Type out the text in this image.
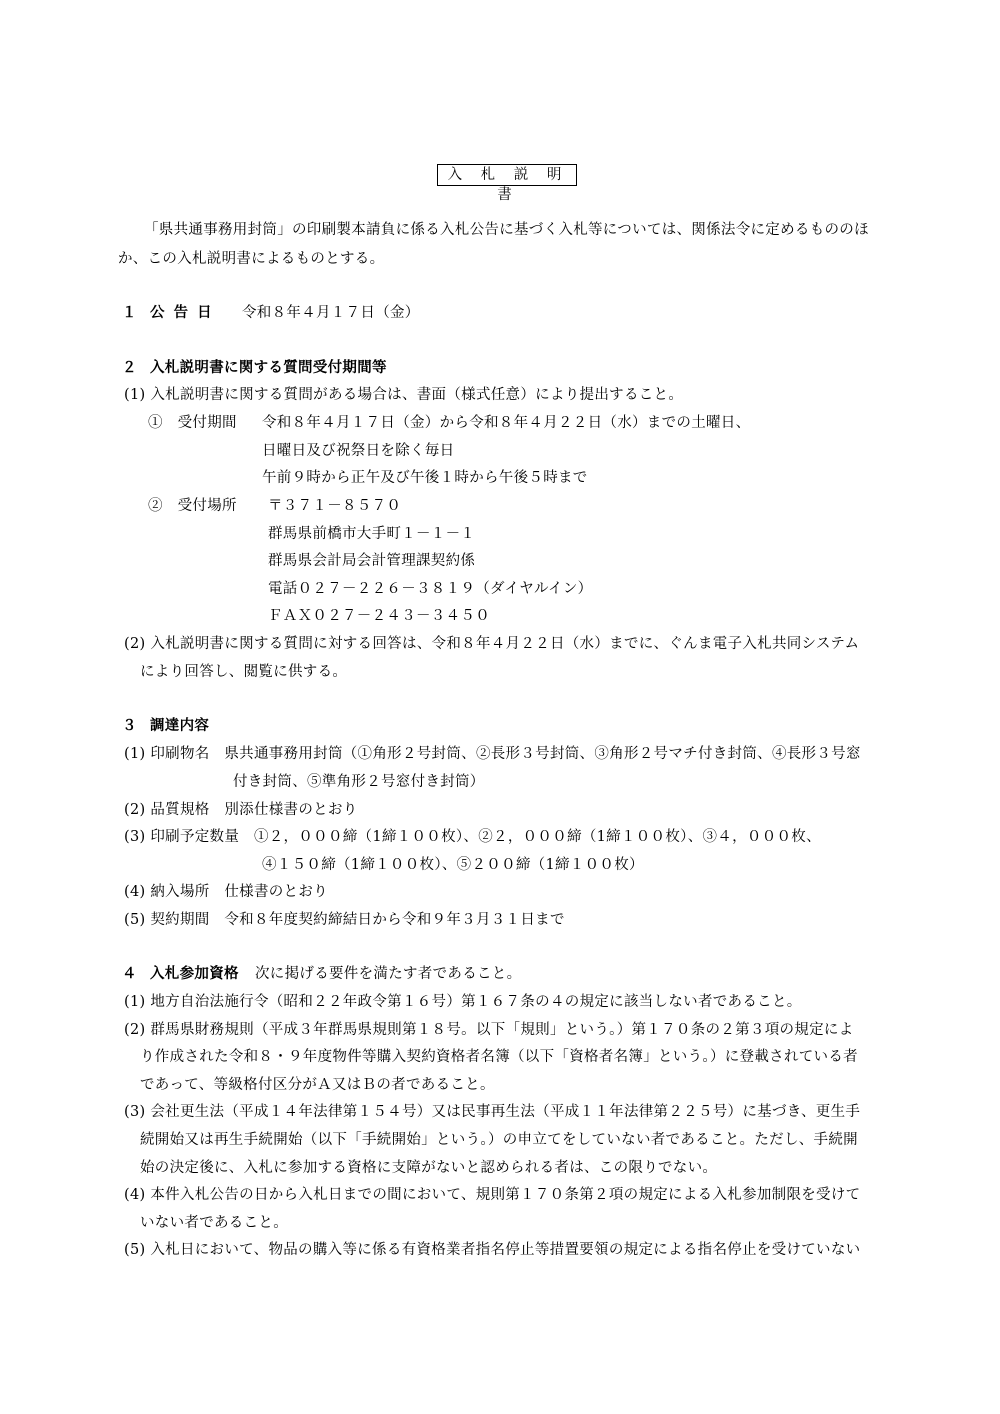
入 札 説 明 書
「県共通事務用封筒」の印刷製本請負に係る入札公告に基づく入札等については、関係法令に定めるもののほ
か、この入札説明書によるものとする。
１ 公 告 日 令和８年４月１７日（金）
２ 入札説明書に関する質問受付期間等
(1) 入札説明書に関する質問がある場合は、書面（様式任意）により提出すること。
①　受付期間 令和８年４月１７日（金）から令和８年４月２２日（水）までの土曜日、
日曜日及び祝祭日を除く毎日
午前９時から正午及び午後１時から午後５時まで
②　受付場所 〒３７１－８５７０
群馬県前橋市大手町１－１－１
群馬県会計局会計管理課契約係
電話０２７－２２６－３８１９（ダイヤルイン）
ＦＡＸ０２７－２４３－３４５０
(2) 入札説明書に関する質問に対する回答は、令和８年４月２２日（水）までに、ぐんま電子入札共同システム
により回答し、閲覧に供する。
３ 調達内容
(1) 印刷物名　県共通事務用封筒（①角形２号封筒、②長形３号封筒、③角形２号マチ付き封筒、④長形３号窓
付き封筒、⑤準角形２号窓付き封筒）
(2) 品質規格　別添仕様書のとおり
(3) 印刷予定数量　①２，０００締（1締１００枚）、②２，０００締（1締１００枚）、③４，０００枚、
④１５０締（1締１００枚）、⑤２００締（1締１００枚）
(4) 納入場所　仕様書のとおり
(5) 契約期間　令和８年度契約締結日から令和９年３月３１日まで
４ 入札参加資格 次に掲げる要件を満たす者であること。
(1) 地方自治法施行令（昭和２２年政令第１６号）第１６７条の４の規定に該当しない者であること。
(2) 群馬県財務規則（平成３年群馬県規則第１８号。以下「規則」という。）第１７０条の２第３項の規定によ
り作成された令和８・９年度物件等購入契約資格者名簿（以下「資格者名簿」という。）に登載されている者
であって、等級格付区分がＡ又はＢの者であること。
(3) 会社更生法（平成１４年法律第１５４号）又は民事再生法（平成１１年法律第２２５号）に基づき、更生手
続開始又は再生手続開始（以下「手続開始」という。）の申立てをしていない者であること。ただし、手続開
始の決定後に、入札に参加する資格に支障がないと認められる者は、この限りでない。
(4) 本件入札公告の日から入札日までの間において、規則第１７０条第２項の規定による入札参加制限を受けて
いない者であること。
(5) 入札日において、物品の購入等に係る有資格業者指名停止等措置要領の規定による指名停止を受けていない
